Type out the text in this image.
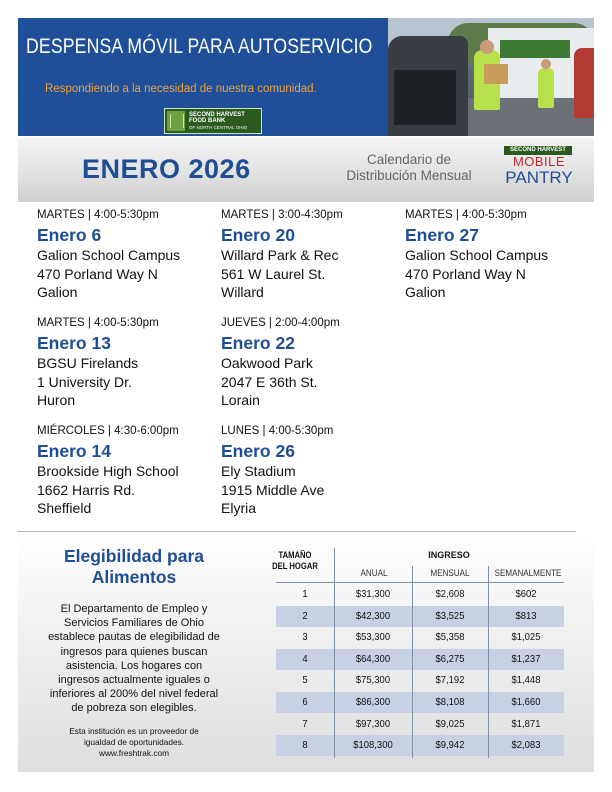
DESPENSA MÓVIL PARA AUTOSERVICIO
Respondiendo a la necesidad de nuestra comunidad.
SECOND HARVEST
FOOD BANK
OF NORTH CENTRAL OHIO
ENERO 2026	Calendario de
Distribución Mensual
SECOND HARVEST
MOBILE
PANTRY
MARTES | 4:00-5:30pm
Enero 6
Galion School Campus
470 Porland Way N
Galion
MARTES | 3:00-4:30pm
Enero 20
Willard Park & Rec
561 W Laurel St.
Willard
MARTES | 4:00-5:30pm
Enero 27
Galion School Campus
470 Porland Way N
Galion
MARTES | 4:00-5:30pm
Enero 13
BGSU Firelands
1 University Dr.
Huron
JUEVES | 2:00-4:00pm
Enero 22
Oakwood Park
2047 E 36th St.
Lorain
MIÉRCOLES | 4:30-6:00pm
Enero 14
Brookside High School
1662 Harris Rd.
Sheffield
LUNES | 4:00-5:30pm
Enero 26
Ely Stadium
1915 Middle Ave
Elyria
Elegibilidad para Alimentos
El Departamento de Empleo y Servicios Familiares de Ohio establece pautas de elegibilidad de ingresos para quienes buscan asistencia. Los hogares con ingresos actualmente iguales o inferiores al 200% del nivel federal de pobreza son elegibles.
Esta institución es un proveedor de
igualdad de oportunidades.
www.freshtrak.com
TAMAÑO
DEL HOGAR
INGRESO
ANUAL	MENSUAL	SEMANALMENTE
1	$31,300	$2,608	$602
2	$42,300	$3,525	$813
3	$53,300	$5,358	$1,025
4	$64,300	$6,275	$1,237
5	$75,300	$7,192	$1,448
6	$86,300	$8,108	$1,660
7	$97,300	$9,025	$1,871
8	$108,300	$9,942	$2,083
